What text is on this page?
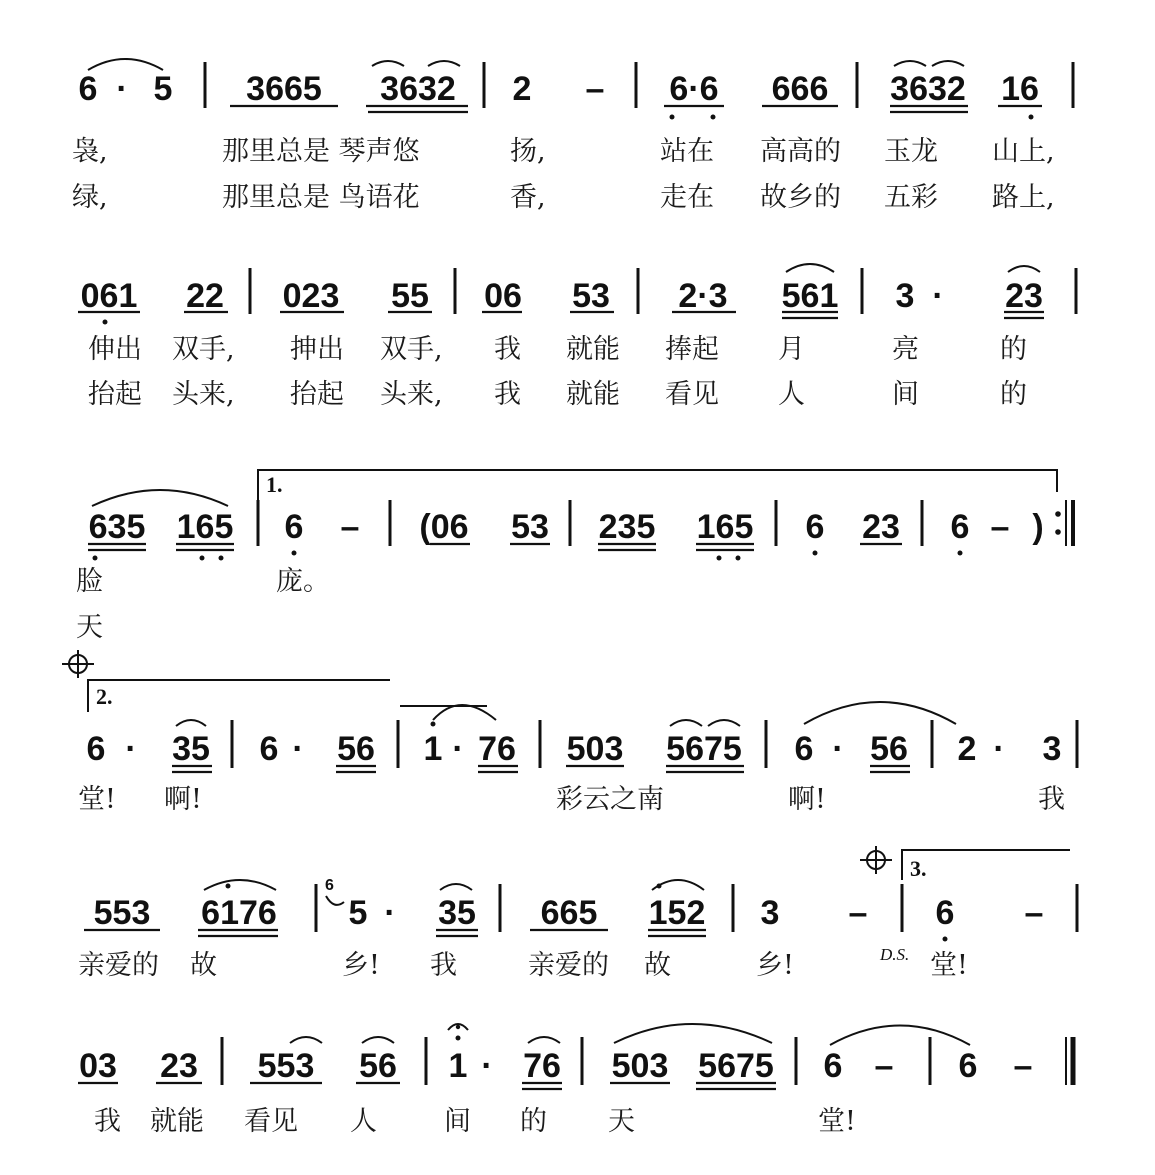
6 · 5 3665 3632 2 – 6·6 666 3632 16
袅,	那里总是 琴声悠	扬,	站在 高高的 玉龙 山上,
绿,	那里总是 鸟语花	香,	走在 故乡的 五彩 路上,
061 22 023 55 06 53 2·3 561 3 · 23
伸出 双手, 抻出 双手, 我 就能 捧起 月	亮	的
抬起 头来, 抬起 头来, 我 就能 看见 人	间	的
1.
635 165 6 – (06 53 235 165 6 23 6 – )
脸	庞。
天
2.
6 · 35 6 · 56 1 · 76 503 5675 6 · 56 2 · 3
堂! 啊!	彩云之南	啊!	我
3.
553 6176
6
5 · 35 665 152 3 – 6 –
D.S.
亲爱的 故	乡! 我	亲爱的 故	乡!	堂!
03 23 553 56 1 · 76 503 5675 6 – 6 –
我 就能 看见 人 间 的 天	堂!
